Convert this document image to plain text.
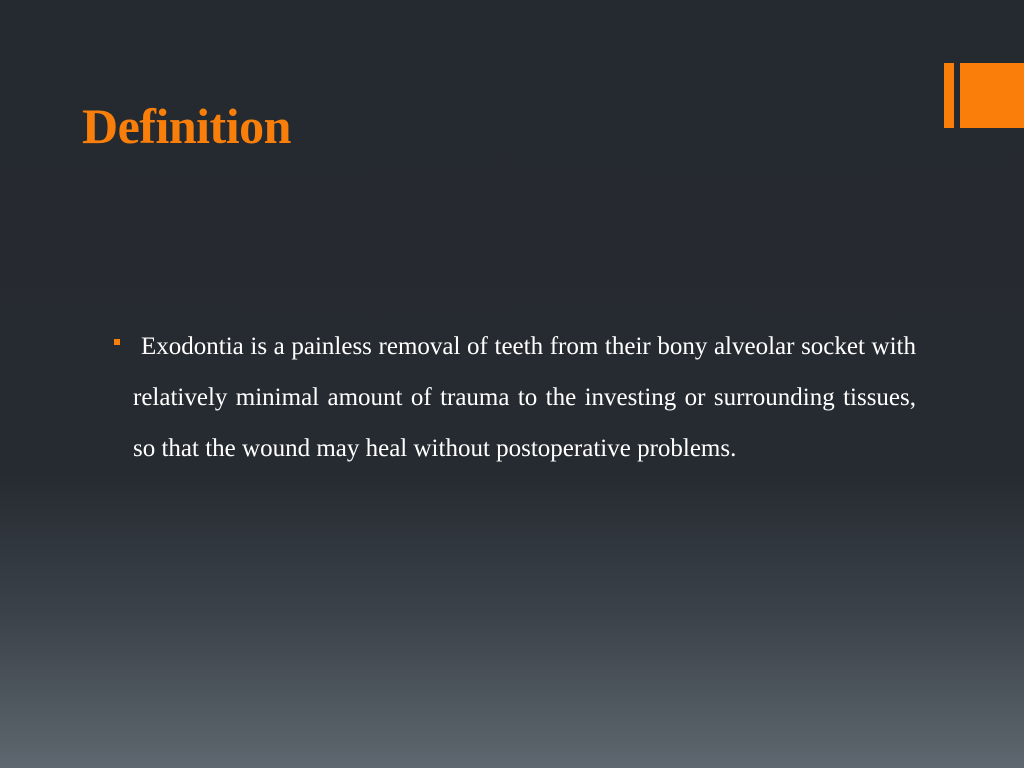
Definition

Exodontia is a painless removal of teeth from their bony alveolar socket with relatively minimal amount of trauma to the investing or surrounding tissues, so that the wound may heal without postoperative problems.
